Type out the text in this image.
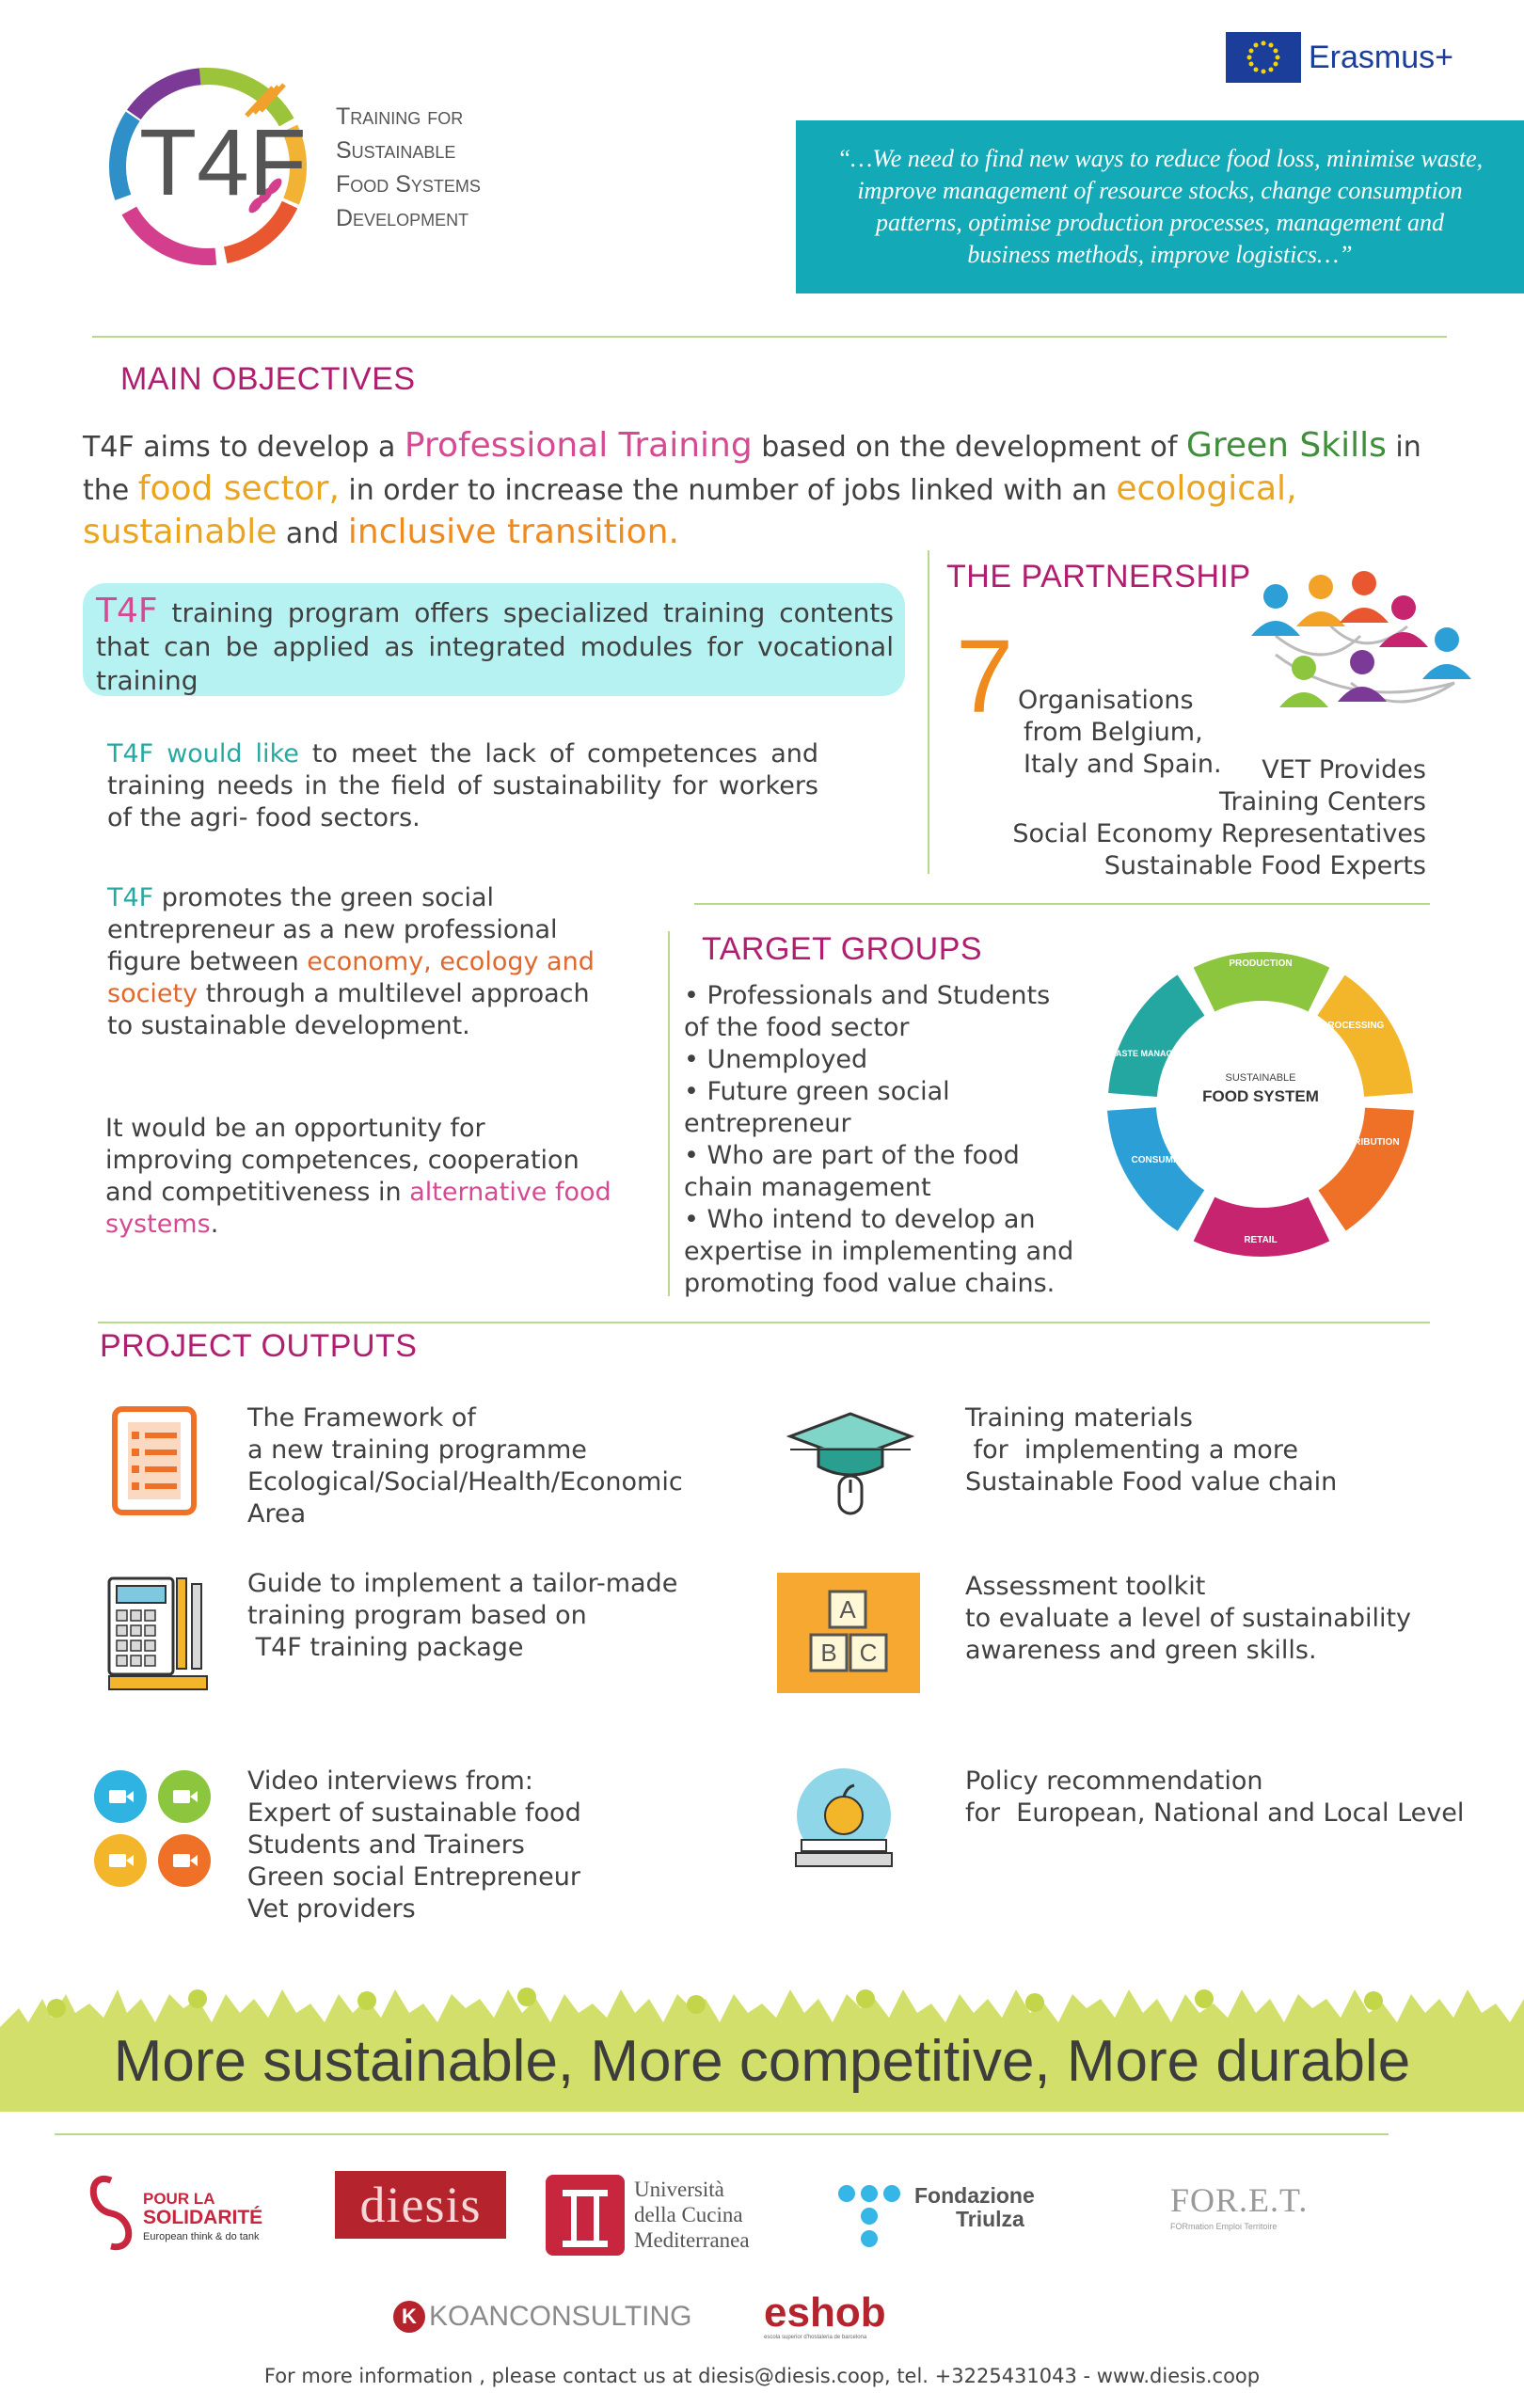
T4F Training for
Sustainable
Food Systems
Development
Erasmus+
“…We need to find new ways to reduce food loss, minimise waste, improve management of resource stocks, change consumption patterns, optimise production processes, management and business methods, improve logistics…”
MAIN OBJECTIVES
T4F aims to develop a Professional Training based on the development of Green Skills in the food sector, in order to increase the number of jobs linked with an ecological, sustainable and inclusive transition.
T4F training program offers specialized training contents that can be applied as integrated modules for vocational training
T4F would like to meet the lack of competences and training needs in the field of sustainability for workers of the agri- food sectors.
T4F promotes the green social entrepreneur as a new professional figure between economy, ecology and society through a multilevel approach to sustainable development.
It would be an opportunity for improving competences, cooperation and competitiveness in alternative food systems.
THE PARTNERSHIP
7 Organisations
from Belgium,
Italy and Spain.	VET Provides
Training Centers
Social Economy Representatives
Sustainable Food Experts
TARGET GROUPS
• Professionals and Students of the food sector
• Unemployed
• Future green social entrepreneur
• Who are part of the food chain management
• Who intend to develop an expertise in implementing and promoting food value chains.
PRODUCTION
PROCESSING
DISTRIBUTION
RETAIL
CONSUMPTION
WASTE MANAGEMENT
SUSTAINABLE
FOOD SYSTEM
PROJECT OUTPUTS
The Framework of
a new training programme
Ecological/Social/Health/Economic
Area
Training materials
for  implementing a more
Sustainable Food value chain
Guide to implement a tailor-made
training program based on
T4F training package
A
B C
Assessment toolkit
to evaluate a level of sustainability
awareness and green skills.
Video interviews from:
Expert of sustainable food
Students and Trainers
Green social Entrepreneur
Vet providers
Policy recommendation
for  European, National and Local Level
More sustainable, More competitive, More durable
POUR LA
SOLIDARITÉ
European think & do tank
diesis	Università
della Cucina
Mediterranea
Fondazione
Triulza	FOR.E.T.
FORmation Emploi Territoire
K KOANCONSULTING eshob
escola superior d'hostaleria de barcelona
For more information , please contact us at diesis@diesis.coop, tel. +3225431043 - www.diesis.coop
